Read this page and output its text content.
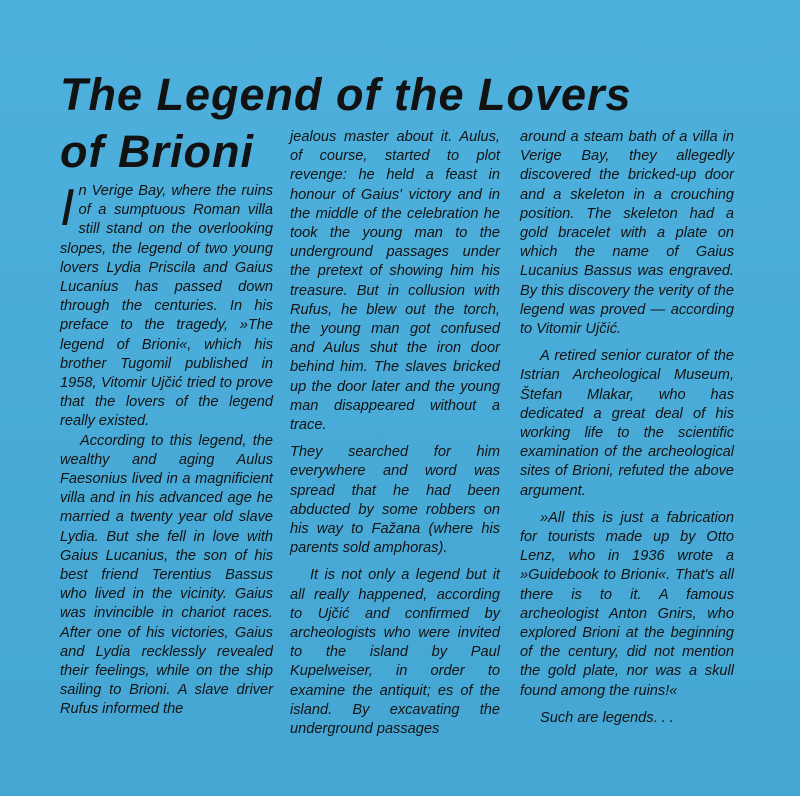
The Legend of the Lovers
of Brioni

In Verige Bay, where the ruins of a sumptuous Roman villa still stand on the overlooking slopes, the legend of two young lovers Lydia Priscila and Gaius Lucanius has passed down through the centuries. In his preface to the tragedy, »The legend of Brioni«, which his brother Tugomil published in 1958, Vitomir Ujčić tried to prove that the lovers of the legend really existed.

According to this legend, the wealthy and aging Aulus Faesonius lived in a magnificient villa and in his advanced age he married a twenty year old slave Lydia. But she fell in love with Gaius Lucanius, the son of his best friend Terentius Bassus who lived in the vicinity. Gaius was invincible in chariot races. After one of his victories, Gaius and Lydia recklessly revealed their feelings, while on the ship sailing to Brioni. A slave driver Rufus informed the

jealous master about it. Aulus, of course, started to plot revenge: he held a feast in honour of Gaius' victory and in the middle of the celebration he took the young man to the underground passages under the pretext of showing him his treasure. But in collusion with Rufus, he blew out the torch, the young man got confused and Aulus shut the iron door behind him. The slaves bricked up the door later and the young man disappeared without a trace.

They searched for him everywhere and word was spread that he had been abducted by some robbers on his way to Fažana (where his parents sold amphoras).

It is not only a legend but it all really happened, according to Ujčić and confirmed by archeologists who were invited to the island by Paul Kupelweiser, in order to examine the antiquit; es of the island. By excavating the underground passages

around a steam bath of a villa in Verige Bay, they allegedly discovered the bricked-up door and a skeleton in a crouching position. The skeleton had a gold bracelet with a plate on which the name of Gaius Lucanius Bassus was engraved. By this discovery the verity of the legend was proved — according to Vitomir Ujčić.

A retired senior curator of the Istrian Archeological Museum, Štefan Mlakar, who has dedicated a great deal of his working life to the scientific examination of the archeological sites of Brioni, refuted the above argument.

»All this is just a fabrication for tourists made up by Otto Lenz, who in 1936 wrote a »Guidebook to Brioni«. That's all there is to it. A famous archeologist Anton Gnirs, who explored Brioni at the beginning of the century, did not mention the gold plate, nor was a skull found among the ruins!«

Such are legends. . .
